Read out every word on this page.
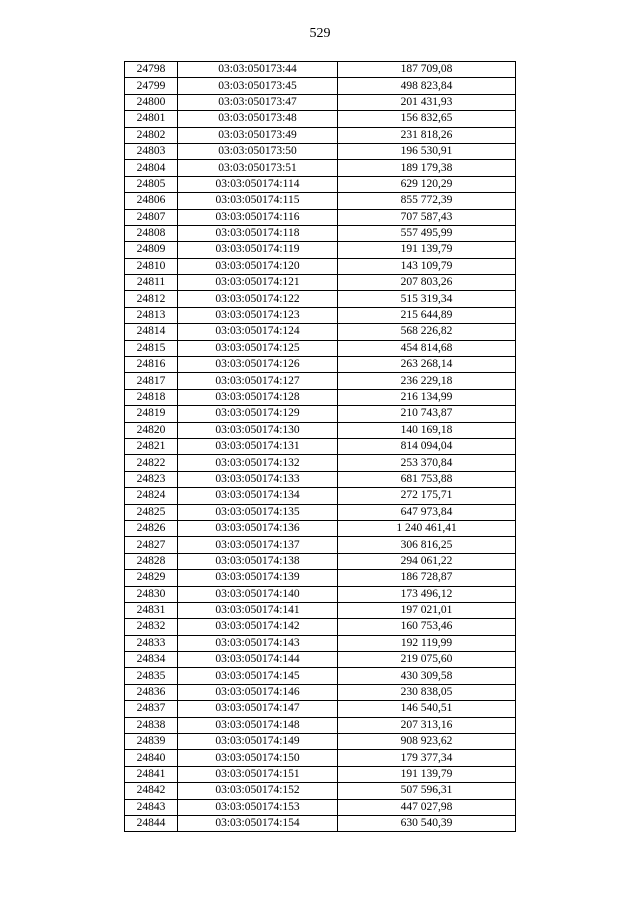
529
24798	03:03:050173:44	187 709,08
24799	03:03:050173:45	498 823,84
24800	03:03:050173:47	201 431,93
24801	03:03:050173:48	156 832,65
24802	03:03:050173:49	231 818,26
24803	03:03:050173:50	196 530,91
24804	03:03:050173:51	189 179,38
24805	03:03:050174:114	629 120,29
24806	03:03:050174:115	855 772,39
24807	03:03:050174:116	707 587,43
24808	03:03:050174:118	557 495,99
24809	03:03:050174:119	191 139,79
24810	03:03:050174:120	143 109,79
24811	03:03:050174:121	207 803,26
24812	03:03:050174:122	515 319,34
24813	03:03:050174:123	215 644,89
24814	03:03:050174:124	568 226,82
24815	03:03:050174:125	454 814,68
24816	03:03:050174:126	263 268,14
24817	03:03:050174:127	236 229,18
24818	03:03:050174:128	216 134,99
24819	03:03:050174:129	210 743,87
24820	03:03:050174:130	140 169,18
24821	03:03:050174:131	814 094,04
24822	03:03:050174:132	253 370,84
24823	03:03:050174:133	681 753,88
24824	03:03:050174:134	272 175,71
24825	03:03:050174:135	647 973,84
24826	03:03:050174:136	1 240 461,41
24827	03:03:050174:137	306 816,25
24828	03:03:050174:138	294 061,22
24829	03:03:050174:139	186 728,87
24830	03:03:050174:140	173 496,12
24831	03:03:050174:141	197 021,01
24832	03:03:050174:142	160 753,46
24833	03:03:050174:143	192 119,99
24834	03:03:050174:144	219 075,60
24835	03:03:050174:145	430 309,58
24836	03:03:050174:146	230 838,05
24837	03:03:050174:147	146 540,51
24838	03:03:050174:148	207 313,16
24839	03:03:050174:149	908 923,62
24840	03:03:050174:150	179 377,34
24841	03:03:050174:151	191 139,79
24842	03:03:050174:152	507 596,31
24843	03:03:050174:153	447 027,98
24844	03:03:050174:154	630 540,39
